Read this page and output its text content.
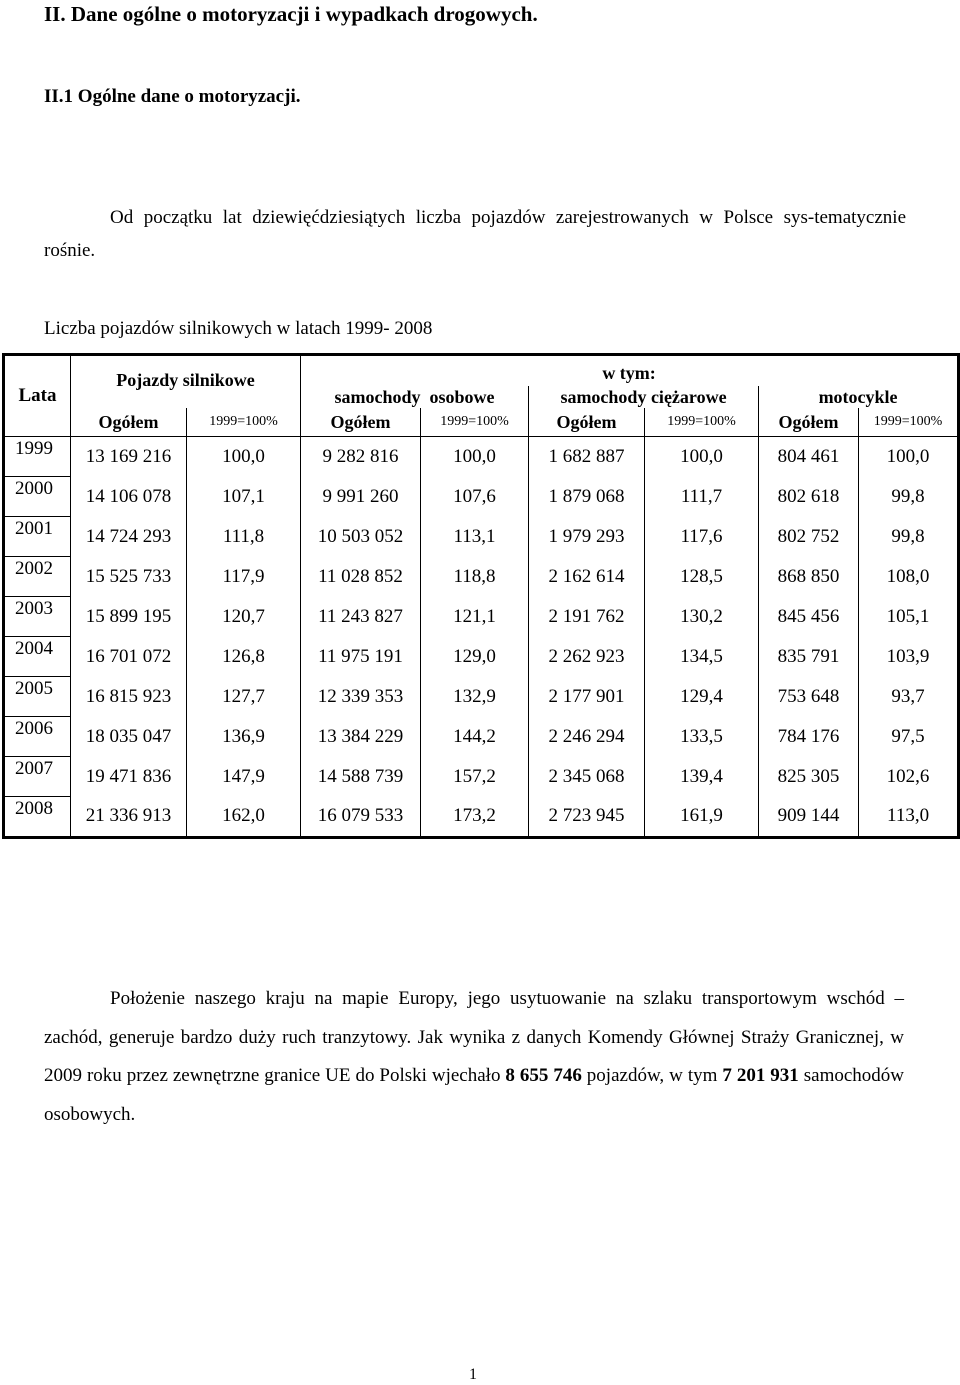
II. Dane ogólne o motoryzacji i wypadkach drogowych.
II.1 Ogólne dane o motoryzacji.
Od początku lat dziewięćdziesiątych liczba pojazdów zarejestrowanych w Polsce sys-tematycznie rośnie.
Liczba pojazdów silnikowych w latach 1999- 2008
Lata	Pojazdy silnikowe		w tym:					
			samochody  osobowe		samochody ciężarowe		motocykle	
	Ogółem	1999=100%	Ogółem	1999=100%	Ogółem	1999=100%	Ogółem	1999=100%
1999	13 169 216	100,0	9 282 816	100,0	1 682 887	100,0	804 461	100,0
2000	14 106 078	107,1	9 991 260	107,6	1 879 068	111,7	802 618	99,8
2001	14 724 293	111,8	10 503 052	113,1	1 979 293	117,6	802 752	99,8
2002	15 525 733	117,9	11 028 852	118,8	2 162 614	128,5	868 850	108,0
2003	15 899 195	120,7	11 243 827	121,1	2 191 762	130,2	845 456	105,1
2004	16 701 072	126,8	11 975 191	129,0	2 262 923	134,5	835 791	103,9
2005	16 815 923	127,7	12 339 353	132,9	2 177 901	129,4	753 648	93,7
2006	18 035 047	136,9	13 384 229	144,2	2 246 294	133,5	784 176	97,5
2007	19 471 836	147,9	14 588 739	157,2	2 345 068	139,4	825 305	102,6
2008	21 336 913	162,0	16 079 533	173,2	2 723 945	161,9	909 144	113,0
Położenie naszego kraju na mapie Europy, jego usytuowanie na szlaku transportowym wschód – zachód, generuje bardzo duży ruch tranzytowy. Jak wynika z danych Komendy Głównej Straży Granicznej, w 2009 roku przez zewnętrzne granice UE do Polski wjechało 8 655 746 pojazdów, w tym 7 201 931 samochodów osobowych.
1
